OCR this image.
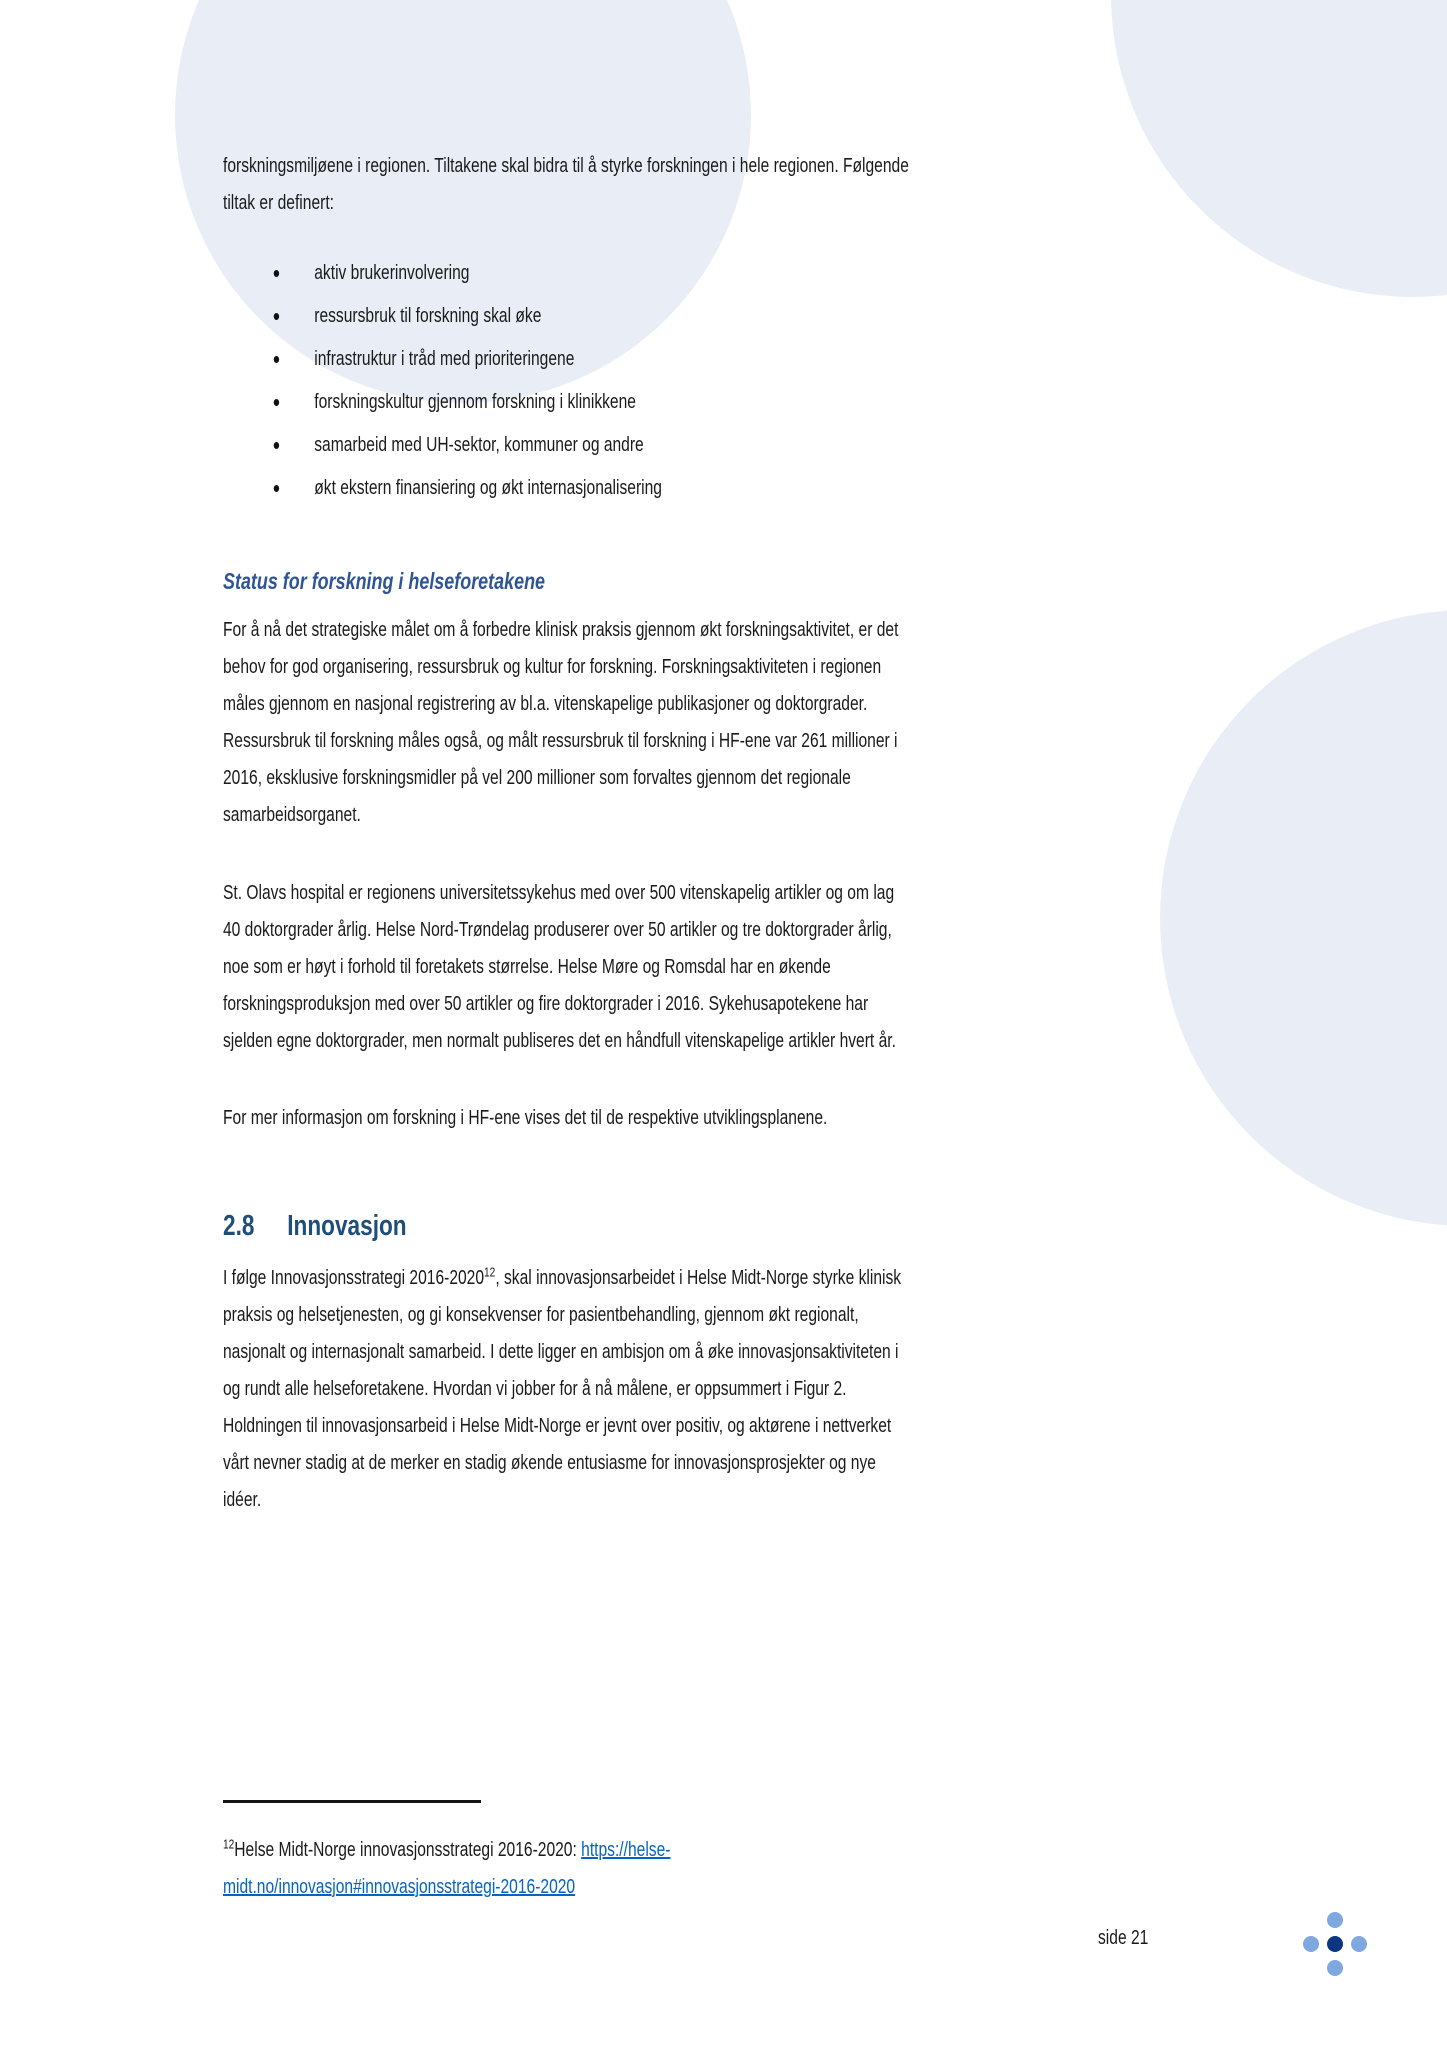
forskningsmiljøene i regionen. Tiltakene skal bidra til å styrke forskningen i hele regionen. Følgende tiltak er definert:

• aktiv brukerinvolvering
• ressursbruk til forskning skal øke
• infrastruktur i tråd med prioriteringene
• forskningskultur gjennom forskning i klinikkene
• samarbeid med UH-sektor, kommuner og andre
• økt ekstern finansiering og økt internasjonalisering
Status for forskning i helseforetakene

For å nå det strategiske målet om å forbedre klinisk praksis gjennom økt forskningsaktivitet, er det behov for god organisering, ressursbruk og kultur for forskning. Forskningsaktiviteten i regionen måles gjennom en nasjonal registrering av bl.a. vitenskapelige publikasjoner og doktorgrader. Ressursbruk til forskning måles også, og målt ressursbruk til forskning i HF-ene var 261 millioner i 2016, eksklusive forskningsmidler på vel 200 millioner som forvaltes gjennom det regionale samarbeidsorganet.

St. Olavs hospital er regionens universitetssykehus med over 500 vitenskapelig artikler og om lag 40 doktorgrader årlig. Helse Nord-Trøndelag produserer over 50 artikler og tre doktorgrader årlig, noe som er høyt i forhold til foretakets størrelse. Helse Møre og Romsdal har en økende forskningsproduksjon med over 50 artikler og fire doktorgrader i 2016. Sykehusapotekene har sjelden egne doktorgrader, men normalt publiseres det en håndfull vitenskapelige artikler hvert år.

For mer informasjon om forskning i HF-ene vises det til de respektive utviklingsplanene.

2.8 Innovasjon

I følge Innovasjonsstrategi 2016-2020$^{12}$, skal innovasjonsarbeidet i Helse Midt-Norge styrke klinisk praksis og helsetjenesten, og gi konsekvenser for pasientbehandling, gjennom økt regionalt, nasjonalt og internasjonalt samarbeid. I dette ligger en ambisjon om å øke innovasjonsaktiviteten i og rundt alle helseforetakene. Hvordan vi jobber for å nå målene, er oppsummert i Figur 2. Holdningen til innovasjonsarbeid i Helse Midt-Norge er jevnt over positiv, og aktørene i nettverket vårt nevner stadig at de merker en stadig økende entusiasme for innovasjonsprosjekter og nye idéer.

$^{12}$Helse Midt-Norge innovasjonsstrategi 2016-2020: https://helse-midt.no/innovasjon#innovasjonsstrategi-2016-2020

side 21
